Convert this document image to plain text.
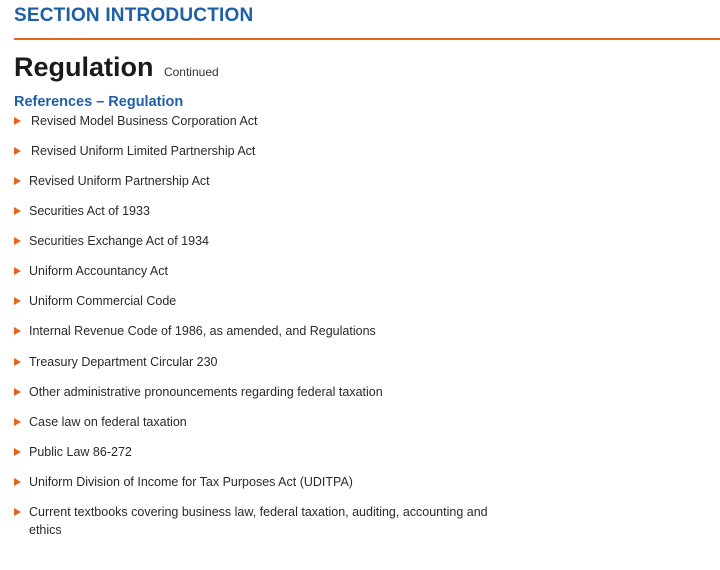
SECTION INTRODUCTION
Regulation Continued
References – Regulation
Revised Model Business Corporation Act
Revised Uniform Limited Partnership Act
Revised Uniform Partnership Act
Securities Act of 1933
Securities Exchange Act of 1934
Uniform Accountancy Act
Uniform Commercial Code
Internal Revenue Code of 1986, as amended, and Regulations
Treasury Department Circular 230
Other administrative pronouncements regarding federal taxation
Case law on federal taxation
Public Law 86-272
Uniform Division of Income for Tax Purposes Act (UDITPA)
Current textbooks covering business law, federal taxation, auditing, accounting and ethics
